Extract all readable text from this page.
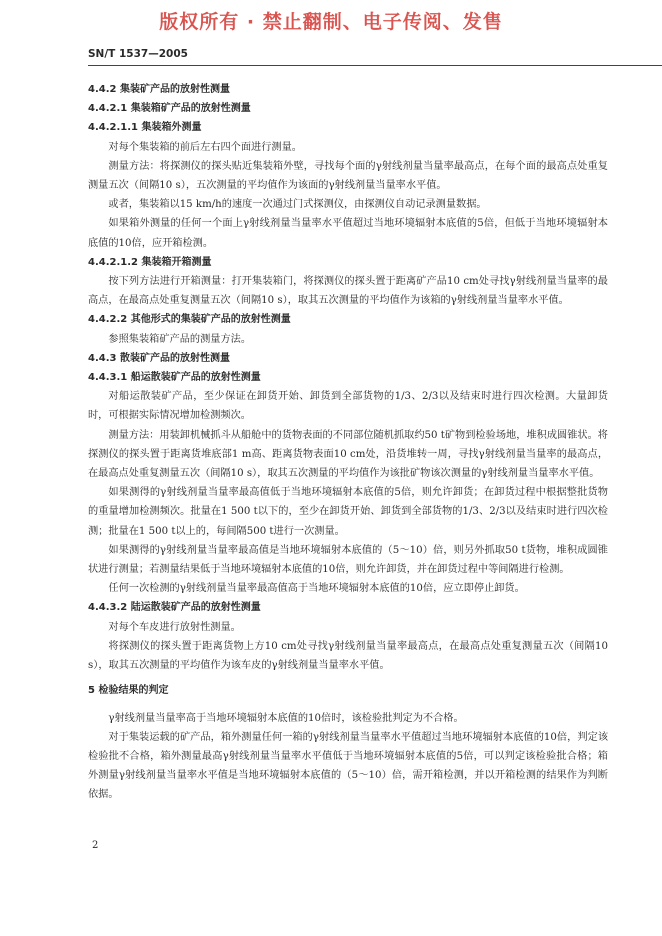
版权所有 · 禁止翻制、电子传阅、发售
SN/T 1537—2005
4.4.2 集装矿产品的放射性测量
4.4.2.1 集装箱矿产品的放射性测量
4.4.2.1.1 集装箱外测量
对每个集装箱的前后左右四个面进行测量。
测量方法：将探测仪的探头贴近集装箱外壁，寻找每个面的γ射线剂量当量率最高点，在每个面的最高点处重复测量五次（间隔10 s），五次测量的平均值作为该面的γ射线剂量当量率水平值。
或者，集装箱以15 km/h的速度一次通过门式探测仪，由探测仪自动记录测量数据。
如果箱外测量的任何一个面上γ射线剂量当量率水平值超过当地环境辐射本底值的5倍，但低于当地环境辐射本底值的10倍，应开箱检测。
4.4.2.1.2 集装箱开箱测量
按下列方法进行开箱测量：打开集装箱门，将探测仪的探头置于距离矿产品10 cm处寻找γ射线剂量当量率的最高点，在最高点处重复测量五次（间隔10 s），取其五次测量的平均值作为该箱的γ射线剂量当量率水平值。
4.4.2.2 其他形式的集装矿产品的放射性测量
参照集装箱矿产品的测量方法。
4.4.3 散装矿产品的放射性测量
4.4.3.1 船运散装矿产品的放射性测量
对船运散装矿产品，至少保证在卸货开始、卸货到全部货物的1/3、2/3以及结束时进行四次检测。大量卸货时，可根据实际情况增加检测频次。
测量方法：用装卸机械抓斗从船舱中的货物表面的不同部位随机抓取约50 t矿物到检验场地，堆积成圆锥状。将探测仪的探头置于距离货堆底部1 m高、距离货物表面10 cm处，沿货堆转一周，寻找γ射线剂量当量率的最高点，在最高点处重复测量五次（间隔10 s），取其五次测量的平均值作为该批矿物该次测量的γ射线剂量当量率水平值。
如果测得的γ射线剂量当量率最高值低于当地环境辐射本底值的5倍，则允许卸货；在卸货过程中根据整批货物的重量增加检测频次。批量在1 500 t以下的，至少在卸货开始、卸货到全部货物的1/3、2/3以及结束时进行四次检测；批量在1 500 t以上的，每间隔500 t进行一次测量。
如果测得的γ射线剂量当量率最高值是当地环境辐射本底值的（5～10）倍，则另外抓取50 t货物，堆积成圆锥状进行测量；若测量结果低于当地环境辐射本底值的10倍，则允许卸货，并在卸货过程中等间隔进行检测。
任何一次检测的γ射线剂量当量率最高值高于当地环境辐射本底值的10倍，应立即停止卸货。
4.4.3.2 陆运散装矿产品的放射性测量
对每个车皮进行放射性测量。
将探测仪的探头置于距离货物上方10 cm处寻找γ射线剂量当量率最高点，在最高点处重复测量五次（间隔10 s），取其五次测量的平均值作为该车皮的γ射线剂量当量率水平值。
5 检验结果的判定
γ射线剂量当量率高于当地环境辐射本底值的10倍时，该检验批判定为不合格。
对于集装运载的矿产品，箱外测量任何一箱的γ射线剂量当量率水平值超过当地环境辐射本底值的10倍，判定该检验批不合格，箱外测量最高γ射线剂量当量率水平值低于当地环境辐射本底值的5倍，可以判定该检验批合格；箱外测量γ射线剂量当量率水平值是当地环境辐射本底值的（5～10）倍，需开箱检测，并以开箱检测的结果作为判断依据。
2
